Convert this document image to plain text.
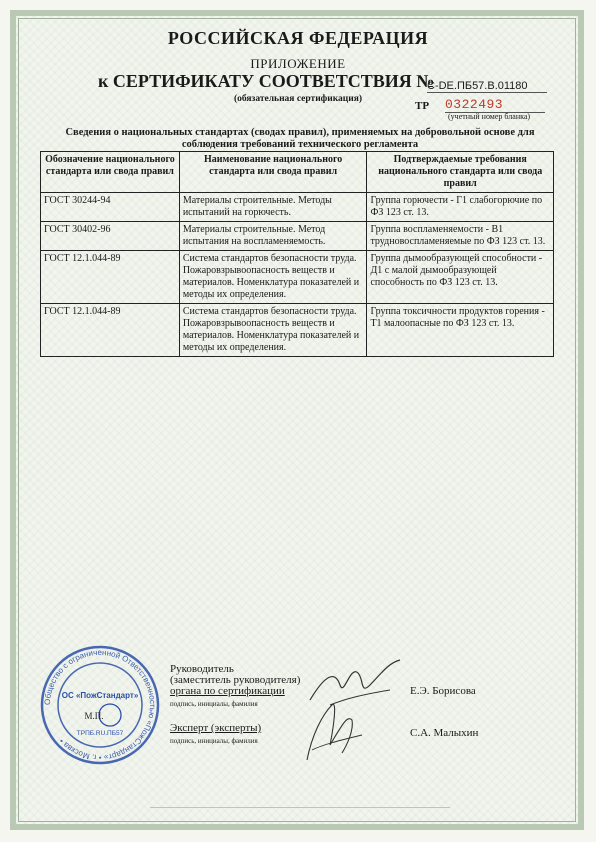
РОССИЙСКАЯ ФЕДЕРАЦИЯ
ПРИЛОЖЕНИЕ
к СЕРТИФИКАТУ СООТВЕТСТВИЯ №
C-DE.ПБ57.B.01180
(обязательная сертификация)
ТР 0322493
(учетный номер бланка)
Сведения о национальных стандартах (сводах правил), применяемых на добровольной основе для соблюдения требований технического регламента
Обозначение национального стандарта или свода правил	Наименование национального стандарта или свода правил	Подтверждаемые требования национального стандарта или свода правил
ГОСТ 30244-94	Материалы строительные. Методы испытаний на горючесть.	Группа горючести - Г1 слабогорючие по ФЗ 123 ст. 13.
ГОСТ 30402-96	Материалы строительные. Метод испытания на воспламеняемость.	Группа воспламеняемости - В1 трудновоспламеняемые по ФЗ 123 ст. 13.
ГОСТ 12.1.044-89	Система стандартов безопасности труда. Пожаровзрывоопасность веществ и материалов. Номенклатура показателей и методы их определения.	Группа дымообразующей способности - Д1 с малой дымообразующей способность по ФЗ 123 ст. 13.
ГОСТ 12.1.044-89	Система стандартов безопасности труда. Пожаровзрывоопасность веществ и материалов. Номенклатура показателей и методы их определения.	Группа токсичности продуктов горения - Т1 малоопасные по ФЗ 123 ст. 13.
Общество с ограниченной Ответственностью «ПожСтандарт» • г. Москва •
ОС «ПожСтандарт»
М.П.
ТРПБ.RU.ПБ57
Руководитель
(заместитель руководителя)
органа по сертификации
подпись, инициалы, фамилия
Е.Э. Борисова
Эксперт (эксперты)
подпись, инициалы, фамилия
С.А. Малыхин
